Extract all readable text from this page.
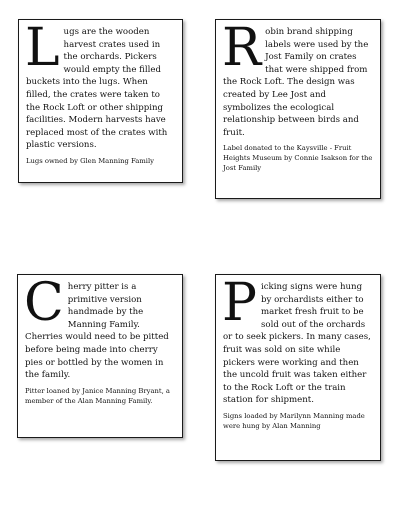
Lugs are the wooden harvest crates used in the orchards. Pickers would empty the filled buckets into the lugs. When filled, the crates were taken to the Rock Loft or other shipping facilities. Modern harvests have replaced most of the crates with plastic versions.
Lugs owned by Glen Manning Family
Robin brand shipping labels were used by the Jost Family on crates that were shipped from the Rock Loft. The design was created by Lee Jost and symbolizes the ecological relationship between birds and fruit.
Label donated to the Kaysville - Fruit Heights Museum by Connie Isakson for the Jost Family
Cherry pitter is a primitive version handmade by the Manning Family. Cherries would need to be pitted before being made into cherry pies or bottled by the women in the family.
Pitter loaned by Janice Manning Bryant, a member of the Alan Manning Family.
Picking signs were hung by orchardists either to market fresh fruit to be sold out of the orchards or to seek pickers. In many cases, fruit was sold on site while pickers were working and then the uncold fruit was taken either to the Rock Loft or the train station for shipment.
Signs loaded by Marilynn Manning made were hung by Alan Manning
